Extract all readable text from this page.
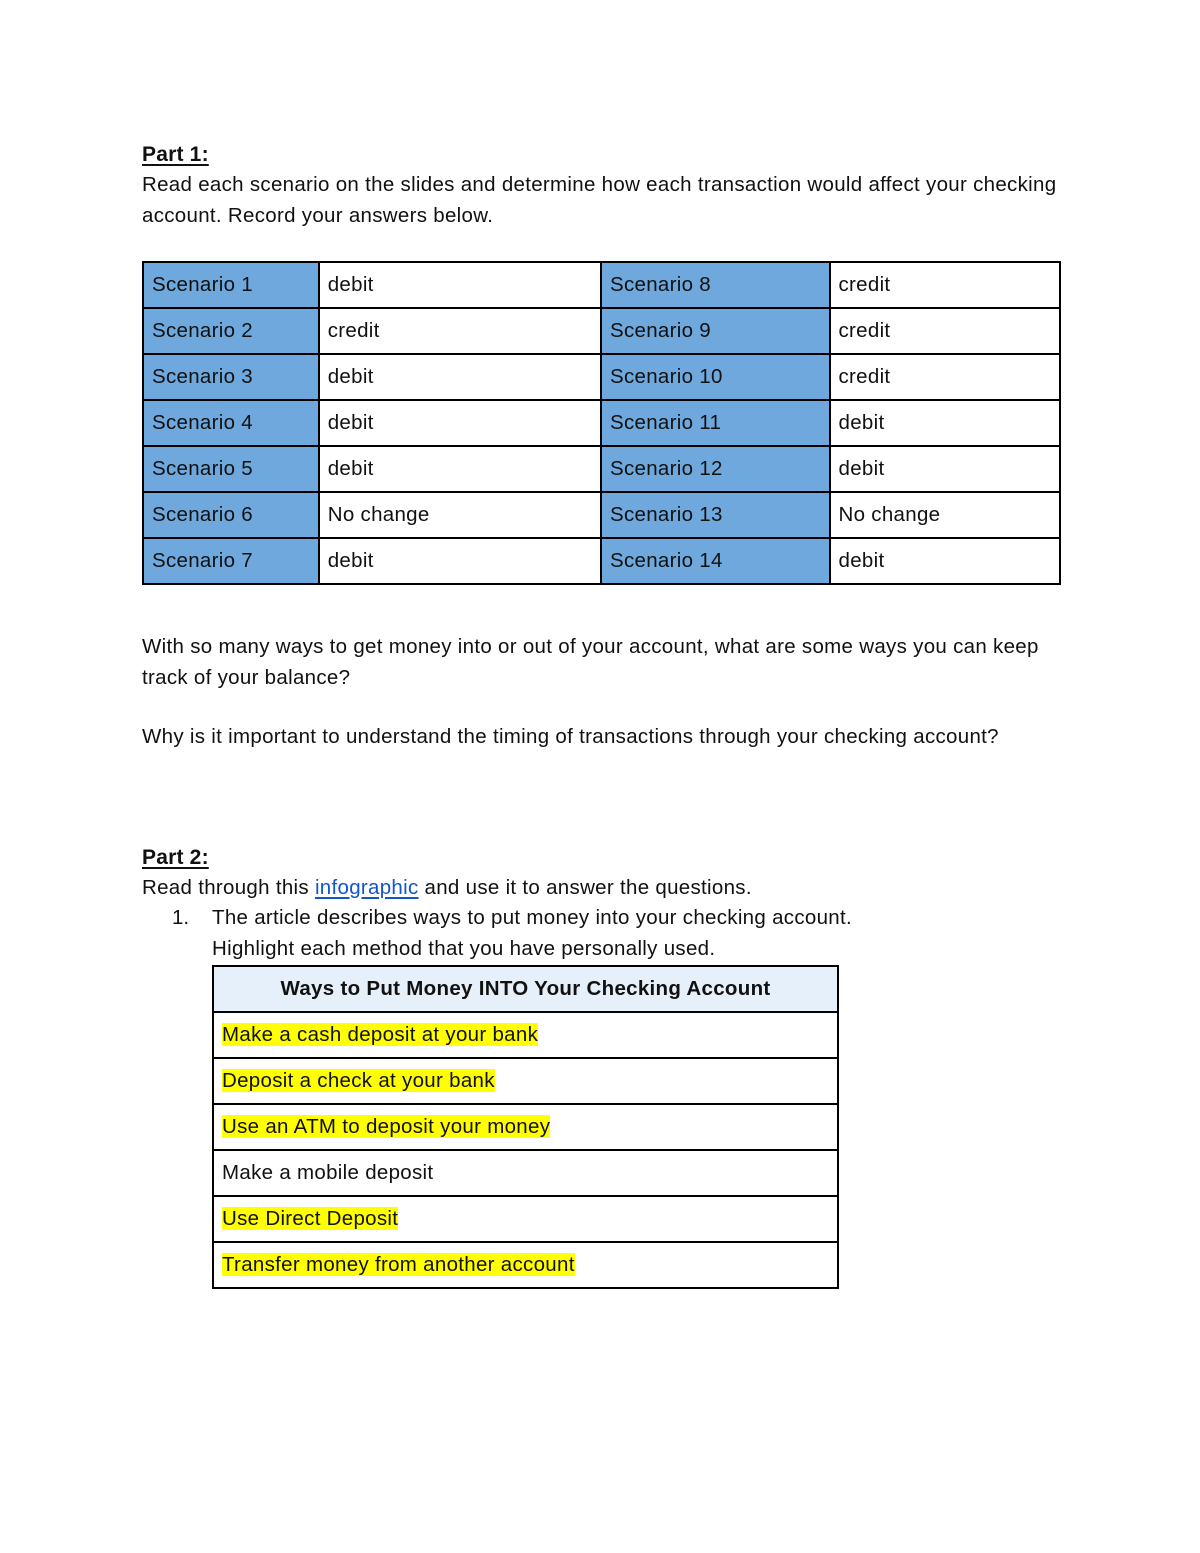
Part 1:
Read each scenario on the slides and determine how each transaction would affect your checking account. Record your answers below.
Scenario 1	debit	Scenario 8	credit
Scenario 2	credit	Scenario 9	credit
Scenario 3	debit	Scenario 10	credit
Scenario 4	debit	Scenario 11	debit
Scenario 5	debit	Scenario 12	debit
Scenario 6	No change	Scenario 13	No change
Scenario 7	debit	Scenario 14	debit
With so many ways to get money into or out of your account, what are some ways you can keep track of your balance?
Why is it important to understand the timing of transactions through your checking account?
Part 2:
Read through this infographic and use it to answer the questions.
1. The article describes ways to put money into your checking account.
Highlight each method that you have personally used.
Ways to Put Money INTO Your Checking Account
Make a cash deposit at your bank
Deposit a check at your bank
Use an ATM to deposit your money
Make a mobile deposit
Use Direct Deposit
Transfer money from another account
